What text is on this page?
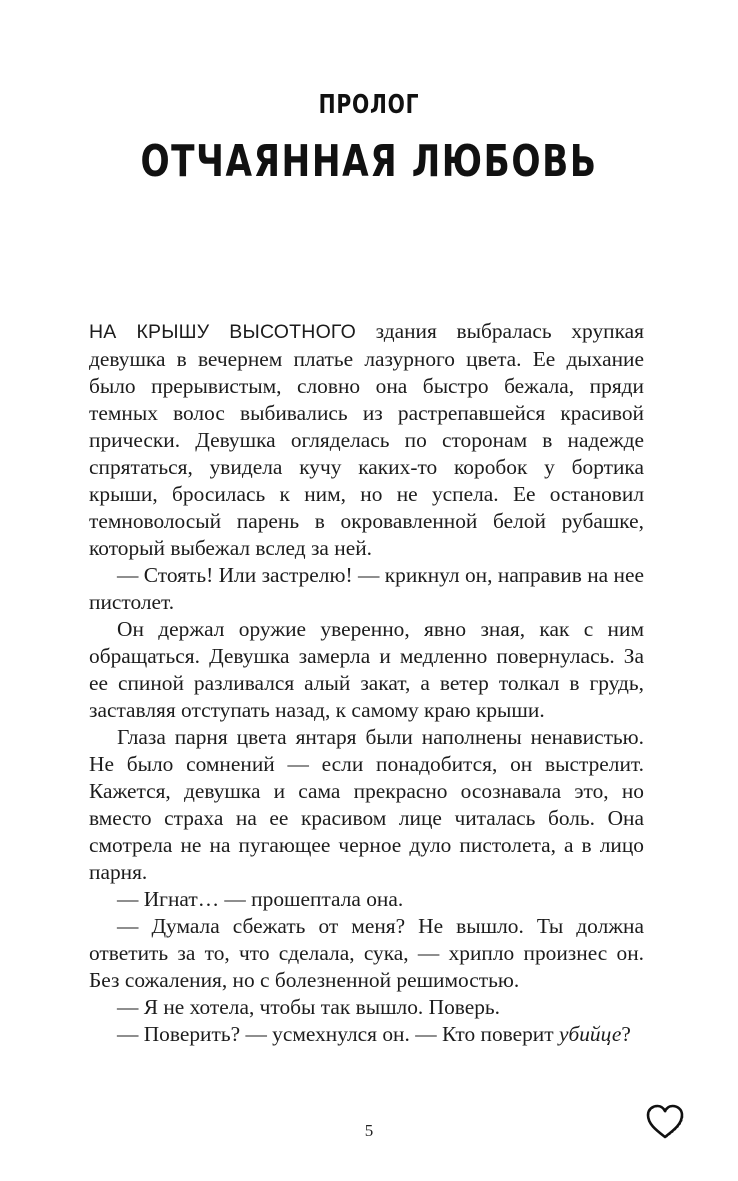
ПРОЛОГ
ОТЧАЯННАЯ ЛЮБОВЬ

НА КРЫШУ ВЫСОТНОГО здания выбралась хрупкая девушка в вечернем платье лазурного цвета. Ее дыхание было прерывистым, словно она быстро бежала, пряди темных волос выбивались из растрепавшейся красивой прически. Девушка огляделась по сторонам в надежде спрятаться, увидела кучу каких-то коробок у бортика крыши, бросилась к ним, но не успела. Ее остановил темноволосый парень в окровавленной белой рубашке, который выбежал вслед за ней.

— Стоять! Или застрелю! — крикнул он, направив на нее пистолет.

Он держал оружие уверенно, явно зная, как с ним обращаться. Девушка замерла и медленно повернулась. За ее спиной разливался алый закат, а ветер толкал в грудь, заставляя отступать назад, к самому краю крыши.

Глаза парня цвета янтаря были наполнены ненавистью. Не было сомнений — если понадобится, он выстрелит. Кажется, девушка и сама прекрасно осознавала это, но вместо страха на ее красивом лице читалась боль. Она смотрела не на пугающее черное дуло пистолета, а в лицо парня.

— Игнат… — прошептала она.

— Думала сбежать от меня? Не вышло. Ты должна ответить за то, что сделала, сука, — хрипло произнес он. Без сожаления, но с болезненной решимостью.

— Я не хотела, чтобы так вышло. Поверь.

— Поверить? — усмехнулся он. — Кто поверит убийце?

5
